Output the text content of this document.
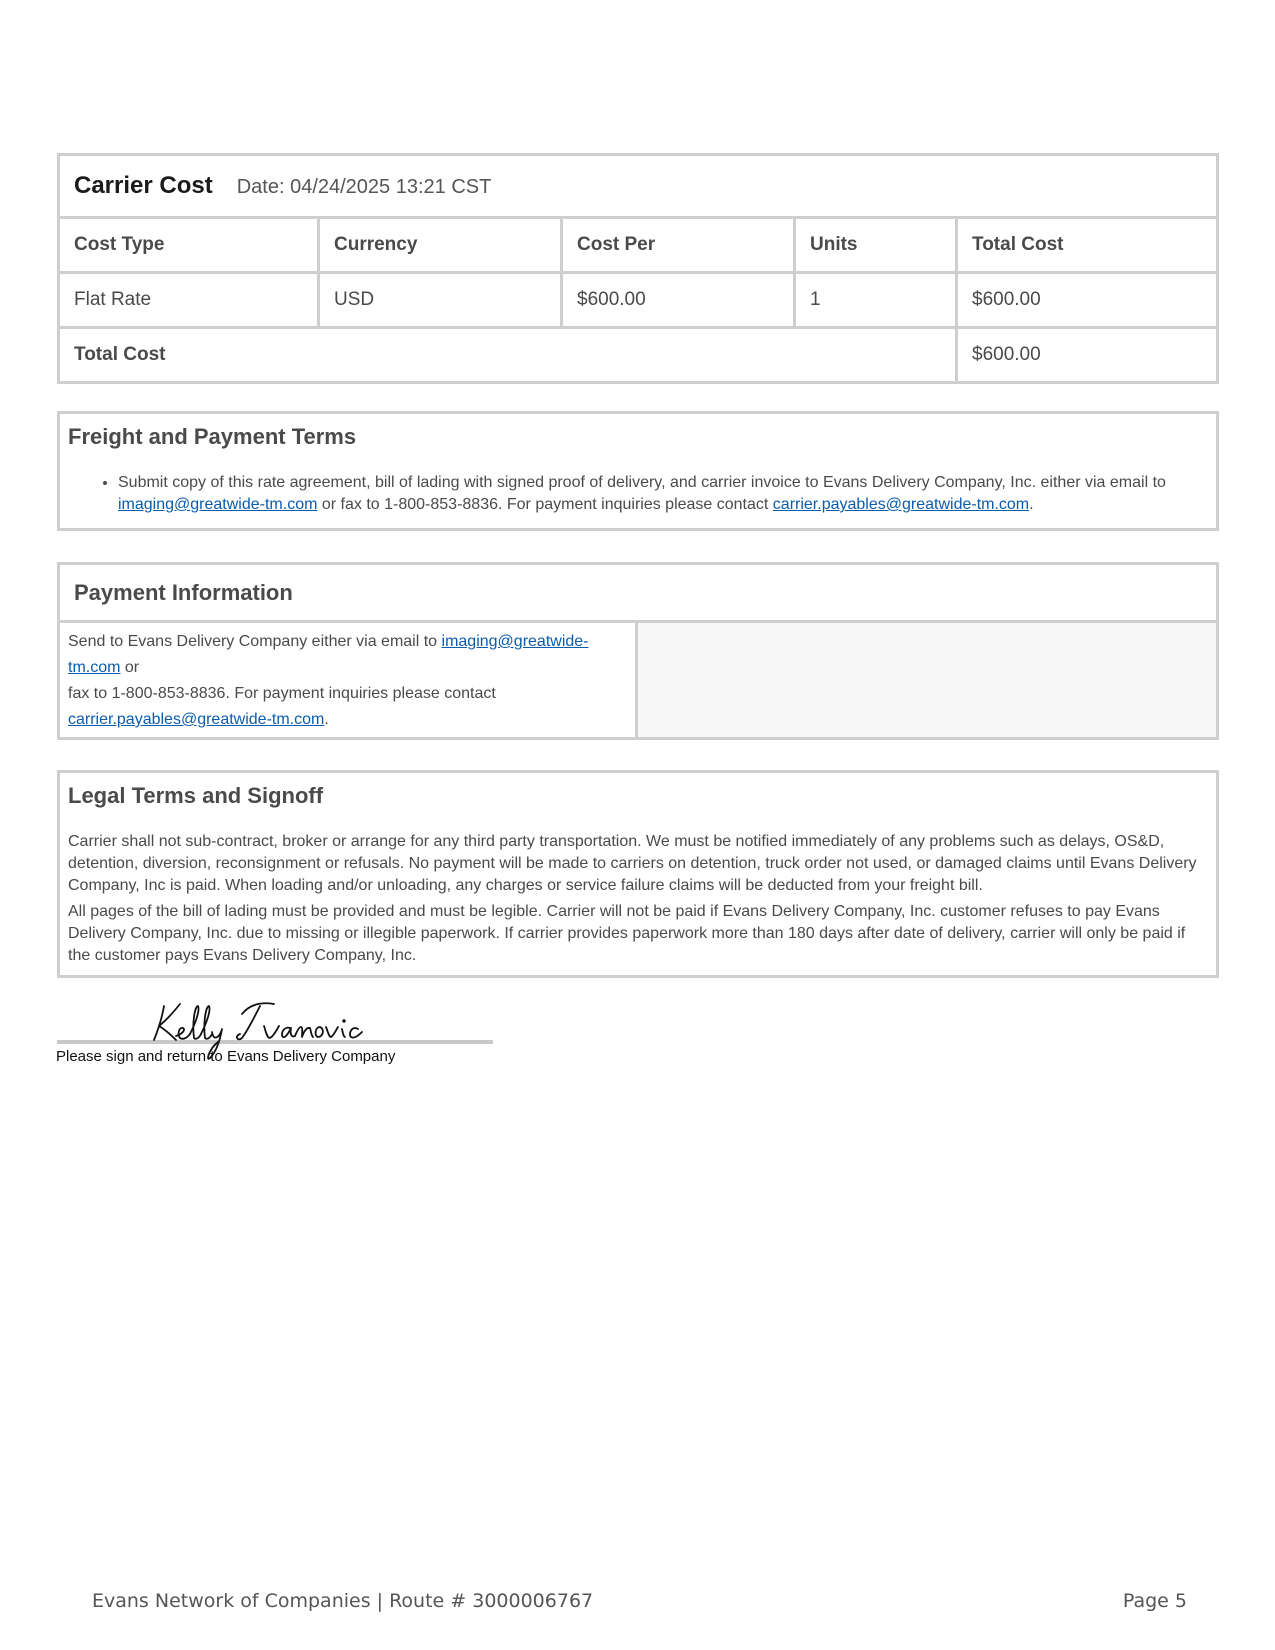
Carrier Cost Date: 04/24/2025 13:21 CST
Cost Type	Currency	Cost Per	Units	Total Cost
Flat Rate	USD	$600.00	1	$600.00
Total Cost	$600.00
Freight and Payment Terms
• Submit copy of this rate agreement, bill of lading with signed proof of delivery, and carrier invoice to Evans Delivery Company, Inc. either via email to imaging@greatwide-tm.com or fax to 1-800-853-8836. For payment inquiries please contact carrier.payables@greatwide-tm.com.
Payment Information
Send to Evans Delivery Company either via email to imaging@greatwide-tm.com or
fax to 1-800-853-8836. For payment inquiries please contact
carrier.payables@greatwide-tm.com.
Legal Terms and Signoff

Carrier shall not sub-contract, broker or arrange for any third party transportation. We must be notified immediately of any problems such as delays, OS&D, detention, diversion, reconsignment or refusals. No payment will be made to carriers on detention, truck order not used, or damaged claims until Evans Delivery Company, Inc is paid. When loading and/or unloading, any charges or service failure claims will be deducted from your freight bill.

All pages of the bill of lading must be provided and must be legible. Carrier will not be paid if Evans Delivery Company, Inc. customer refuses to pay Evans Delivery Company, Inc. due to missing or illegible paperwork. If carrier provides paperwork more than 180 days after date of delivery, carrier will only be paid if the customer pays Evans Delivery Company, Inc.

Please sign and return to Evans Delivery Company
Evans Network of Companies | Route # 3000006767	Page 5
